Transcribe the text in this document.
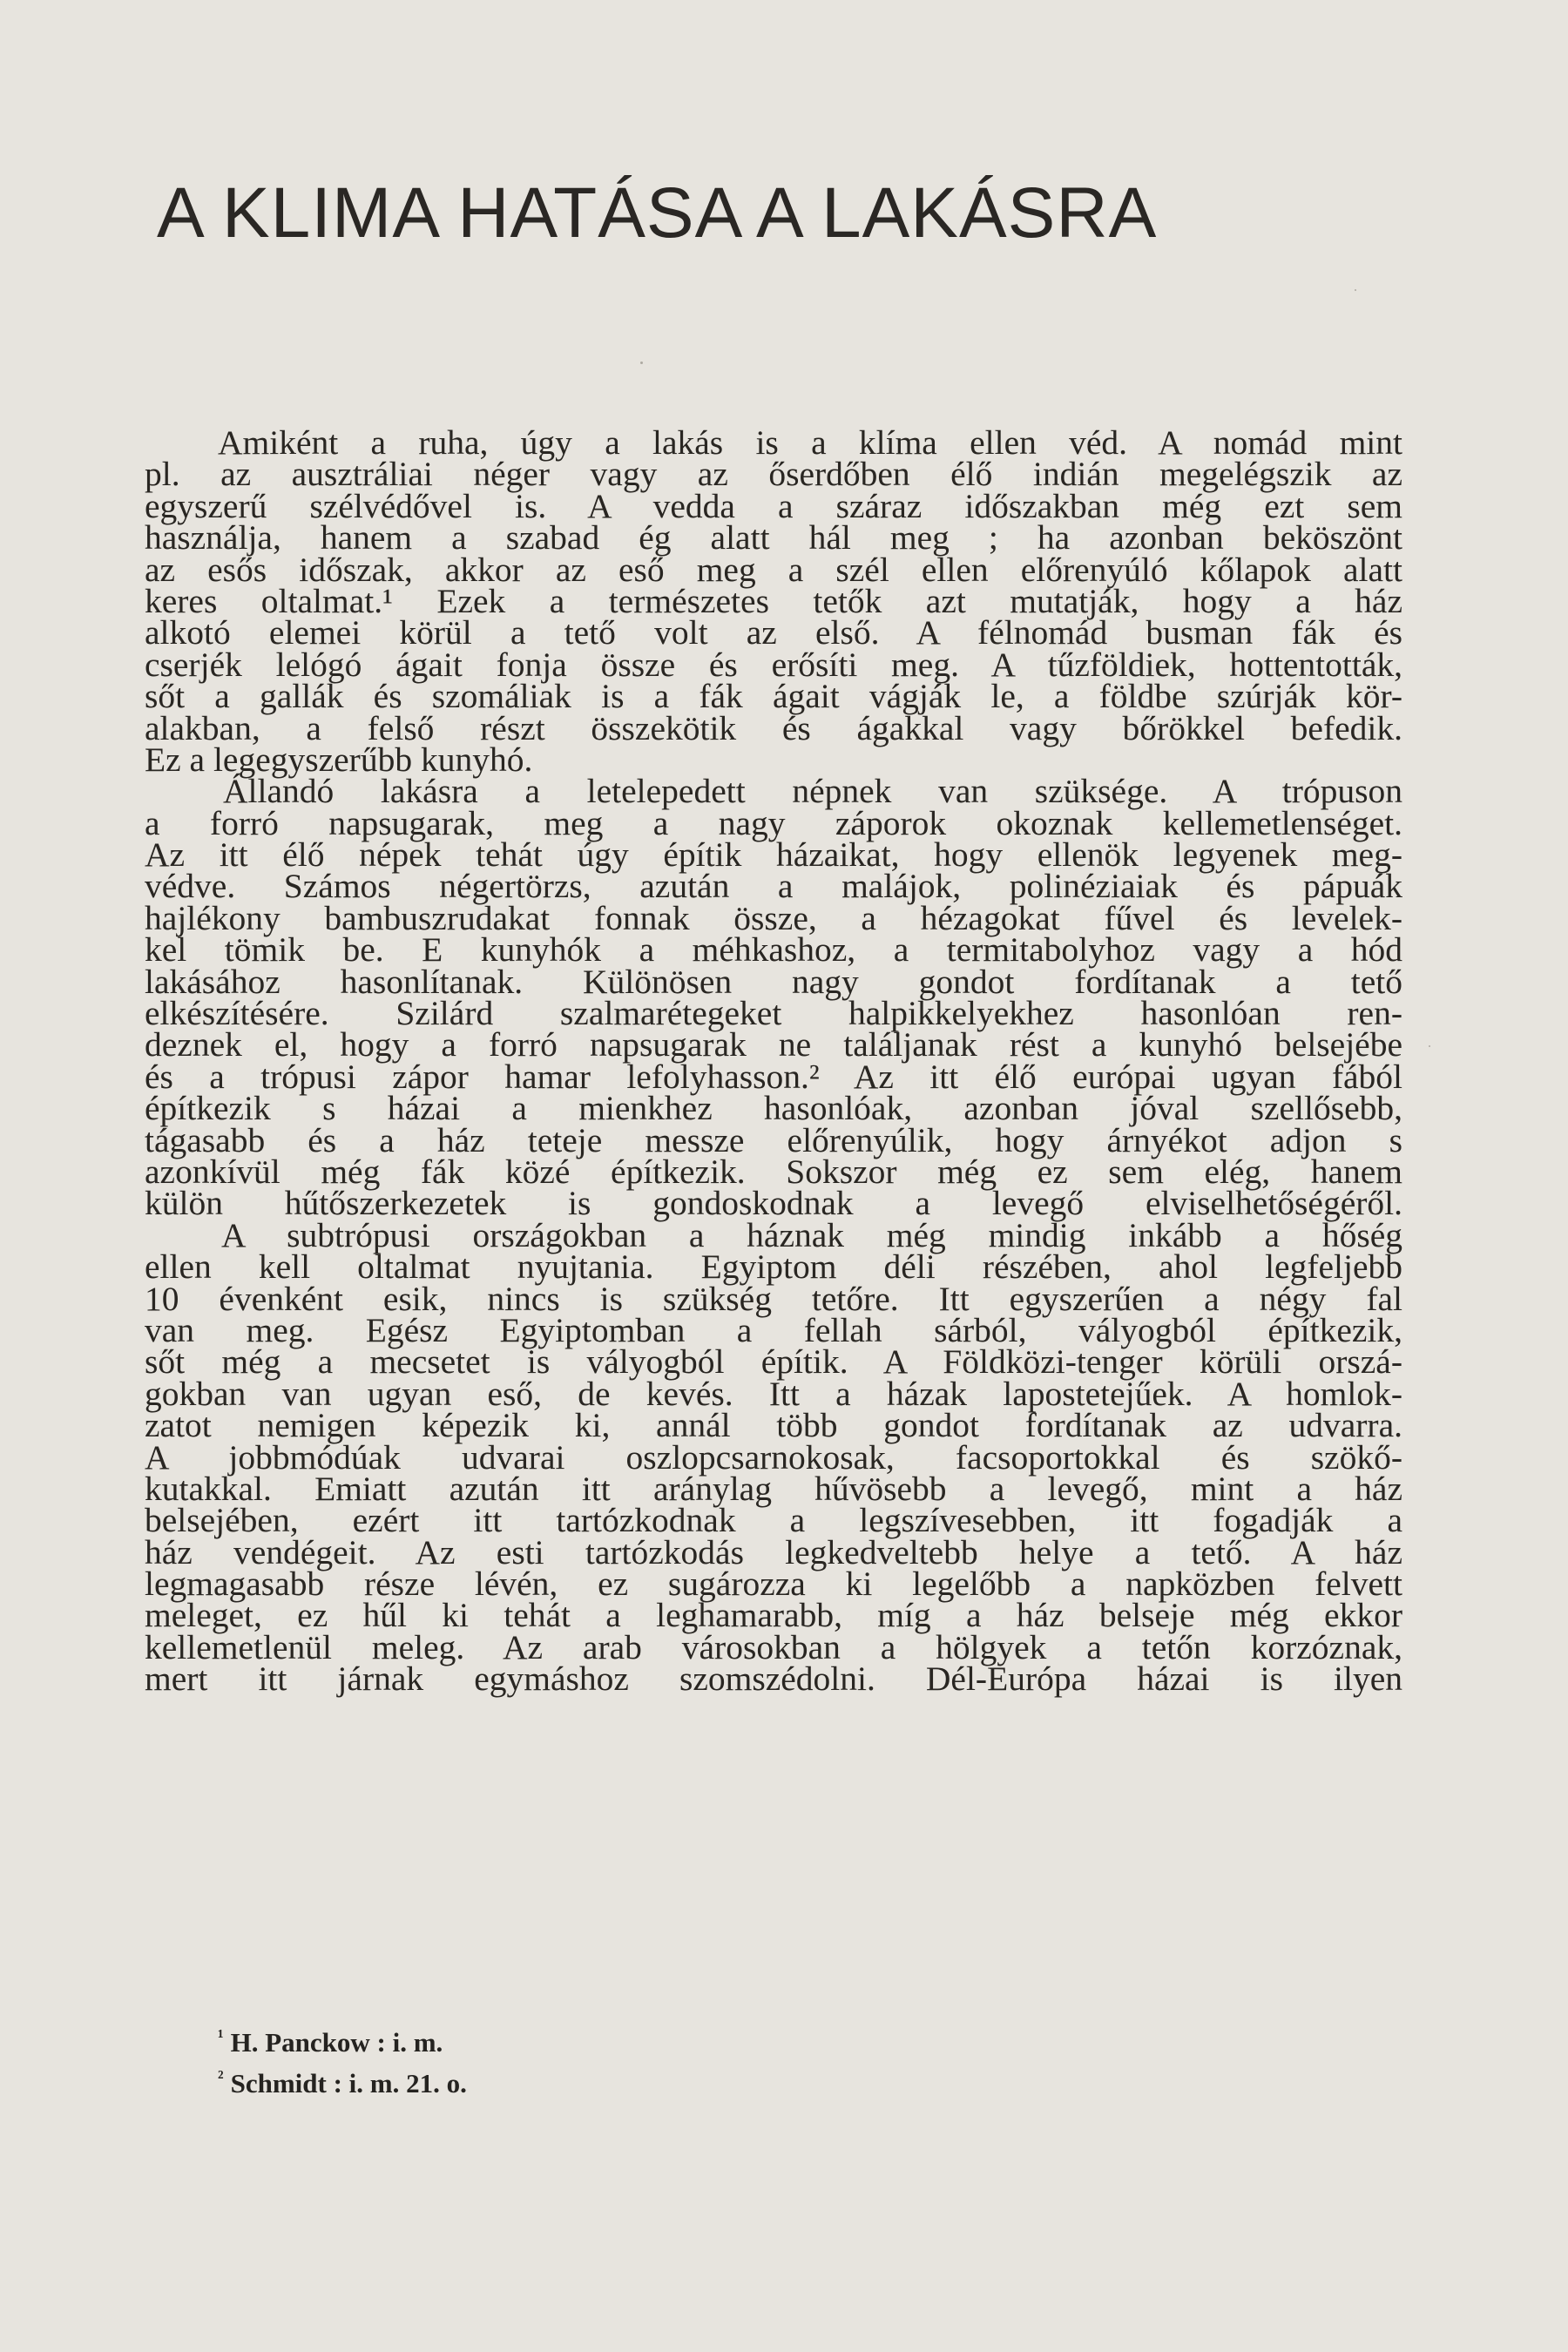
A KLIMA HATÁSA A LAKÁSRA
Amiként a ruha, úgy a lakás is a klíma ellen véd. A nomád mint
pl. az ausztráliai néger vagy az őserdőben élő indián megelégszik az
egyszerű szélvédővel is. A vedda a száraz időszakban még ezt sem
használja, hanem a szabad ég alatt hál meg ; ha azonban beköszönt
az esős időszak, akkor az eső meg a szél ellen előrenyúló kőlapok alatt
keres oltalmat.¹ Ezek a természetes tetők azt mutatják, hogy a ház
alkotó elemei körül a tető volt az első. A félnomád busman fák és
cserjék lelógó ágait fonja össze és erősíti meg. A tűzföldiek, hottentották,
sőt a gallák és szomáliak is a fák ágait vágják le, a földbe szúrják kör-
alakban, a felső részt összekötik és ágakkal vagy bőrökkel befedik.
Ez a legegyszerűbb kunyhó.
Állandó lakásra a letelepedett népnek van szüksége. A trópuson
a forró napsugarak, meg a nagy záporok okoznak kellemetlenséget.
Az itt élő népek tehát úgy építik házaikat, hogy ellenök legyenek meg-
védve. Számos négertörzs, azután a malájok, polinéziaiak és pápuák
hajlékony bambuszrudakat fonnak össze, a hézagokat fűvel és levelek-
kel tömik be. E kunyhók a méhkashoz, a termitabolyhoz vagy a hód
lakásához hasonlítanak. Különösen nagy gondot fordítanak a tető
elkészítésére. Szilárd szalmarétegeket halpikkelyekhez hasonlóan ren-
deznek el, hogy a forró napsugarak ne találjanak rést a kunyhó belsejébe
és a trópusi zápor hamar lefolyhasson.² Az itt élő európai ugyan fából
építkezik s házai a mienkhez hasonlóak, azonban jóval szellősebb,
tágasabb és a ház teteje messze előrenyúlik, hogy árnyékot adjon s
azonkívül még fák közé építkezik. Sokszor még ez sem elég, hanem
külön hűtőszerkezetek is gondoskodnak a levegő elviselhetőségéről.
A subtrópusi országokban a háznak még mindig inkább a hőség
ellen kell oltalmat nyujtania. Egyiptom déli részében, ahol legfeljebb
10 évenként esik, nincs is szükség tetőre. Itt egyszerűen a négy fal
van meg. Egész Egyiptomban a fellah sárból, vályogból építkezik,
sőt még a mecsetet is vályogból építik. A Földközi-tenger körüli orszá-
gokban van ugyan eső, de kevés. Itt a házak lapostetejűek. A homlok-
zatot nemigen képezik ki, annál több gondot fordítanak az udvarra.
A jobbmódúak udvarai oszlopcsarnokosak, facsoportokkal és szökő-
kutakkal. Emiatt azután itt aránylag hűvösebb a levegő, mint a ház
belsejében, ezért itt tartózkodnak a legszívesebben, itt fogadják a
ház vendégeit. Az esti tartózkodás legkedveltebb helye a tető. A ház
legmagasabb része lévén, ez sugározza ki legelőbb a napközben felvett
meleget, ez hűl ki tehát a leghamarabb, míg a ház belseje még ekkor
kellemetlenül meleg. Az arab városokban a hölgyek a tetőn korzóznak,
mert itt járnak egymáshoz szomszédolni. Dél-Európa házai is ilyen
$^{^1}$ H. Panckow : i. m.
$^{^2}$ Schmidt : i. m. 21. o.
